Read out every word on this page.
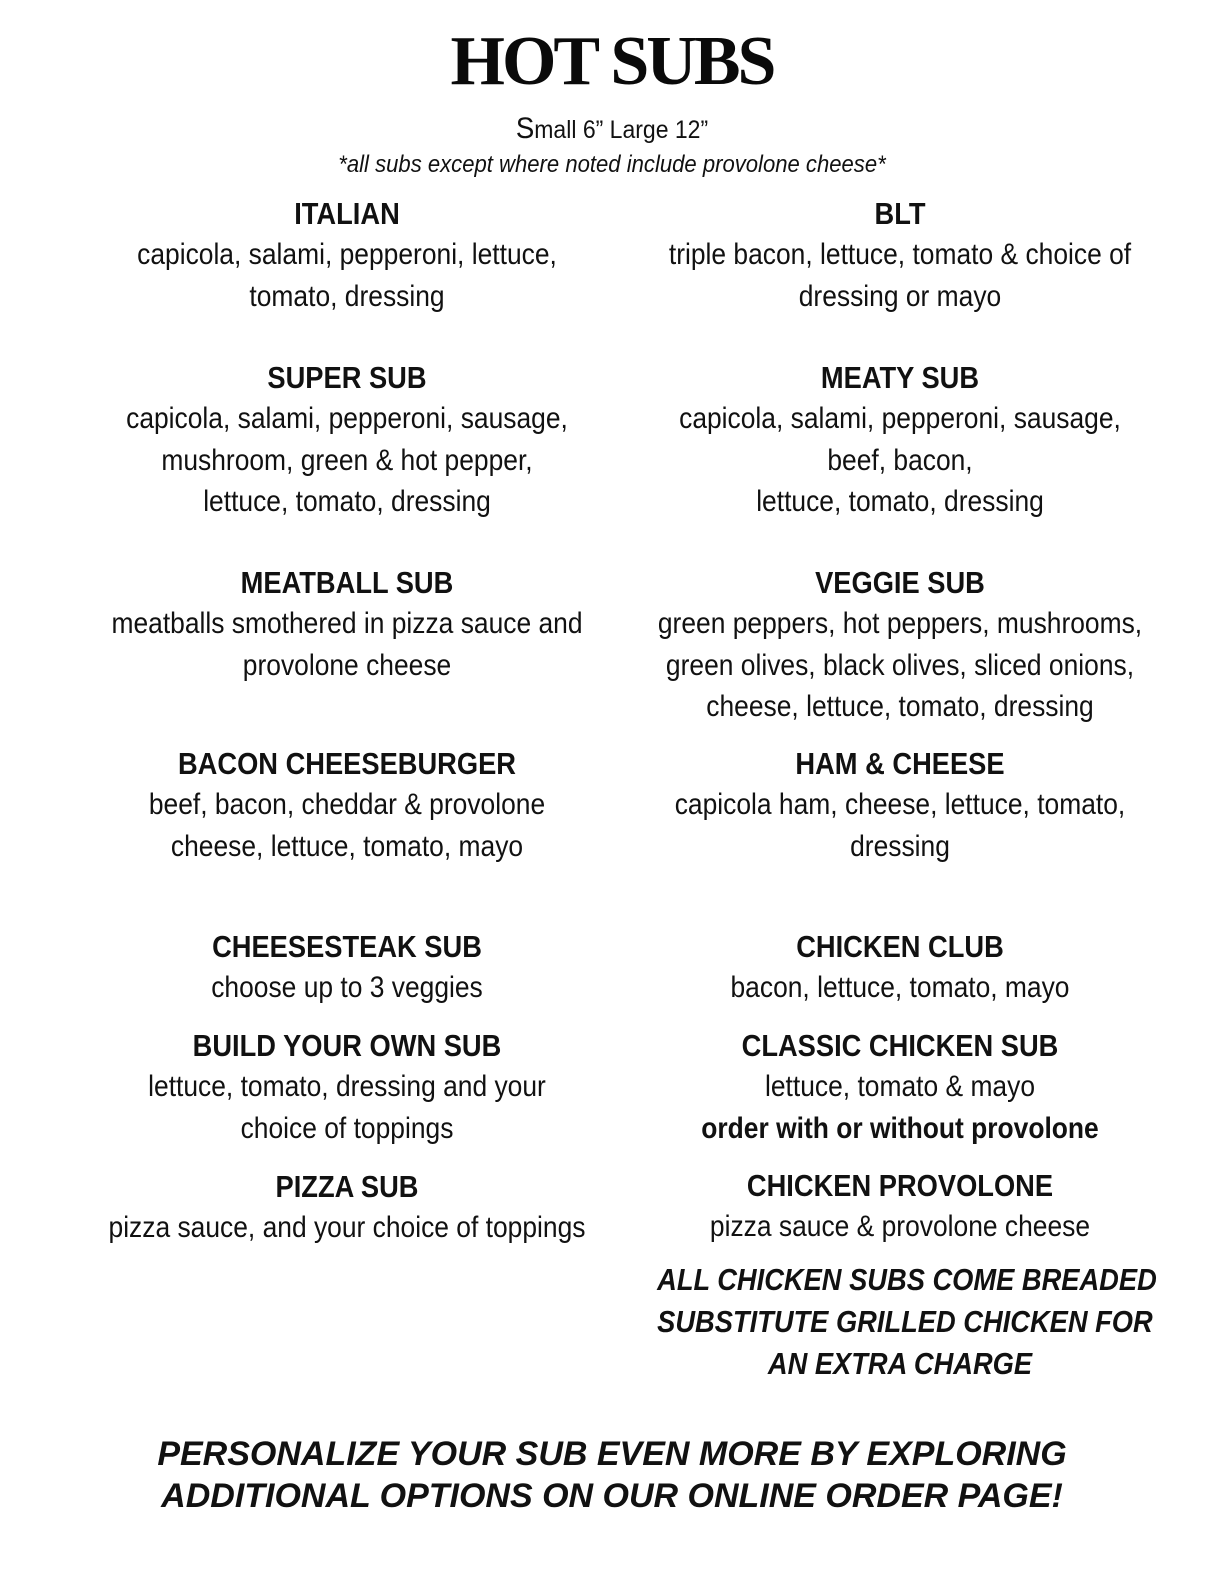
HOT SUBS
Small 6” Large 12”
*all subs except where noted include provolone cheese*
ITALIAN
capicola, salami, pepperoni, lettuce,
tomato, dressing
SUPER SUB
capicola, salami, pepperoni, sausage,
mushroom, green & hot pepper,
lettuce, tomato, dressing
MEATBALL SUB
meatballs smothered in pizza sauce and
provolone cheese
BACON CHEESEBURGER
beef, bacon, cheddar & provolone
cheese, lettuce, tomato, mayo
CHEESESTEAK SUB
choose up to 3 veggies
BUILD YOUR OWN SUB
lettuce, tomato, dressing and your
choice of toppings
PIZZA SUB
pizza sauce, and your choice of toppings
BLT
triple bacon, lettuce, tomato & choice of
dressing or mayo
MEATY SUB
capicola, salami, pepperoni, sausage,
beef, bacon,
lettuce, tomato, dressing
VEGGIE SUB
green peppers, hot peppers, mushrooms,
green olives, black olives, sliced onions,
cheese, lettuce, tomato, dressing
HAM & CHEESE
capicola ham, cheese, lettuce, tomato,
dressing
CHICKEN CLUB
bacon, lettuce, tomato, mayo
CLASSIC CHICKEN SUB
lettuce, tomato & mayo
order with or without provolone
CHICKEN PROVOLONE
pizza sauce & provolone cheese
ALL CHICKEN SUBS COME BREADED
SUBSTITUTE GRILLED CHICKEN FOR
AN EXTRA CHARGE
PERSONALIZE YOUR SUB EVEN MORE BY EXPLORING
ADDITIONAL OPTIONS ON OUR ONLINE ORDER PAGE!
